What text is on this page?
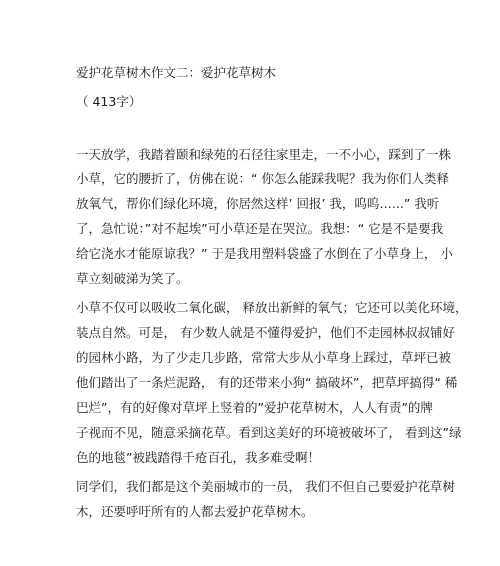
爱护花草树木作文二：爱护花草树木
（ 413字）
一天放学，我踏着颐和绿苑的石径往家里走，一不小心，踩到了一株
小草，它的腰折了，仿佛在说：“ 你怎么能踩我呢？我为你们人类释
放氧气，帮你们绿化环境，你居然这样’ 回报’ 我，呜呜…...” 我听
了，急忙说：”对不起埃”可小草还是在哭泣。我想：“ 它是不是要我
给它浇水才能原谅我？” 于是我用塑料袋盛了水倒在了小草身上， 小
草立刻破涕为笑了。
小草不仅可以吸收二氧化碳， 释放出新鲜的氧气；它还可以美化环境，
装点自然。可是， 有少数人就是不懂得爱护，他们不走园林叔叔铺好
的园林小路，为了少走几步路，常常大步从小草身上踩过，草坪已被
他们踏出了一条烂泥路， 有的还带来小狗“ 搞破坏”，把草坪搞得“ 稀
巴烂”，有的好像对草坪上竖着的”爱护花草树木，人人有责”的牌
子视而不见，随意采摘花草。看到这美好的环境被破坏了， 看到这”绿
色的地毯”被践踏得千疮百孔，我多难受啊！
同学们，我们都是这个美丽城市的一员， 我们不但自己要爱护花草树
木，还要呼吁所有的人都去爱护花草树木。
